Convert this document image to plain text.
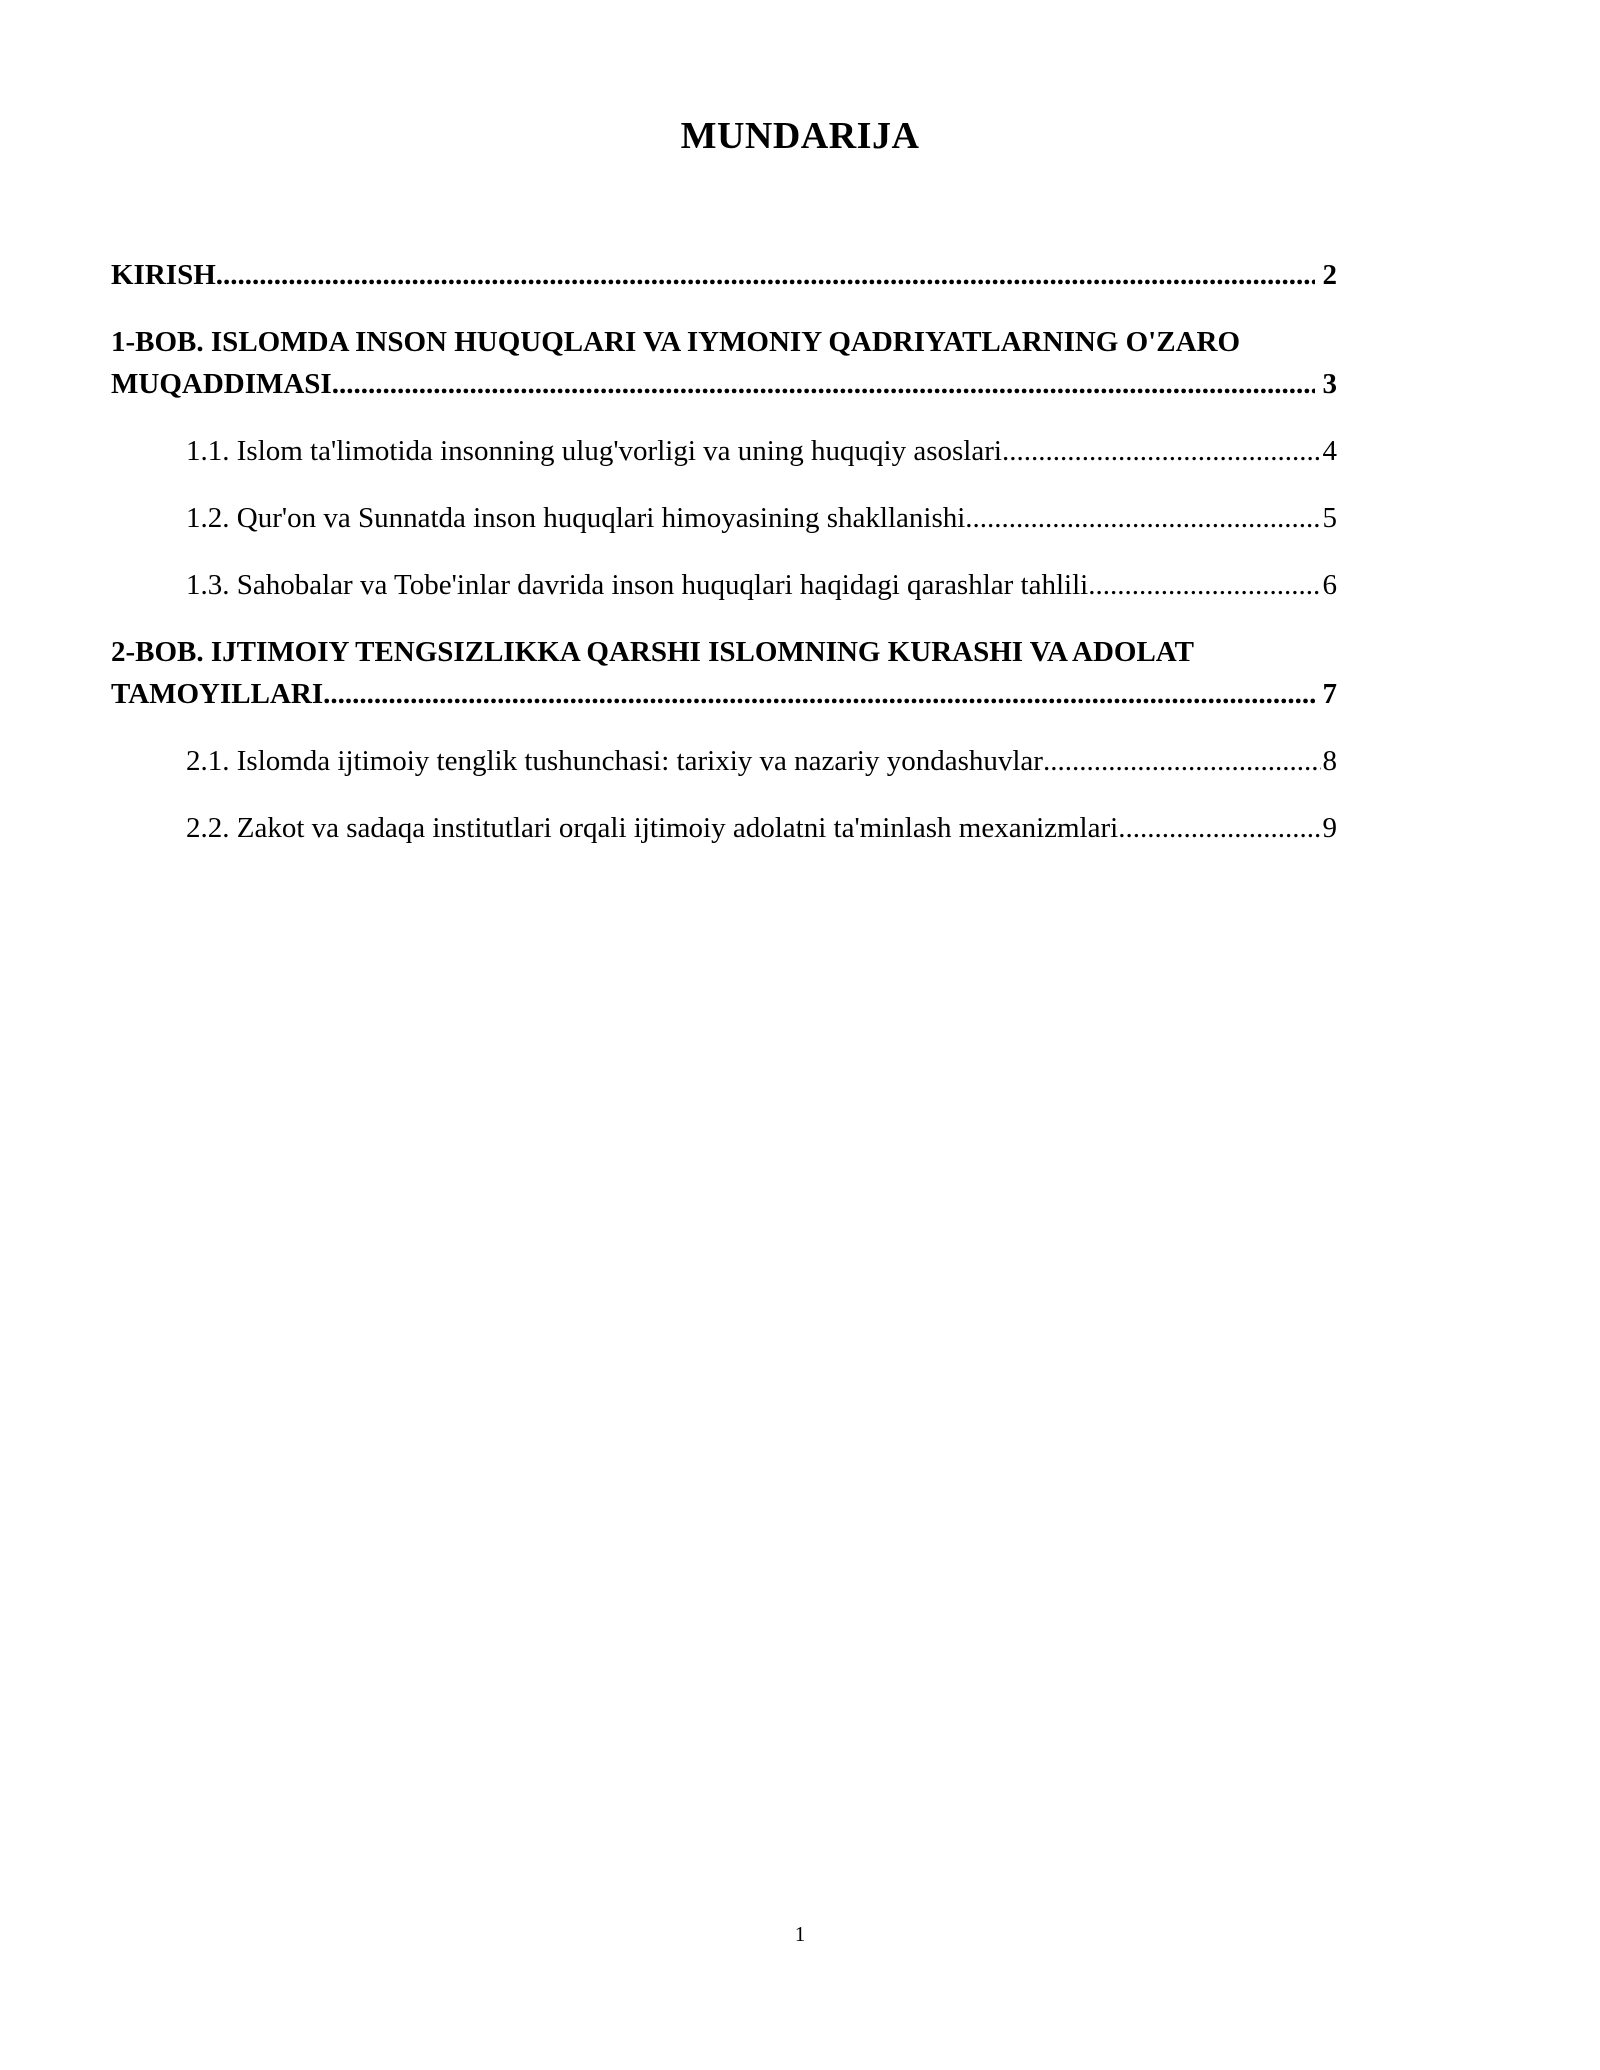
MUNDARIJA
KIRISH .....	2
1-BOB. ISLOMDA INSON HUQUQLARI VA IYMONIY QADRIYATLARNING O'ZARO
MUQADDIMASI .....	3
1.1. Islom ta'limotida insonning ulug'vorligi va uning huquqiy asoslari .....	4
1.2. Qur'on va Sunnatda inson huquqlari himoyasining shakllanishi .....	5
1.3. Sahobalar va Tobe'inlar davrida inson huquqlari haqidagi qarashlar tahlili .....	6
2-BOB. IJTIMOIY TENGSIZLIKKA QARSHI ISLOMNING KURASHI VA ADOLAT
TAMOYILLARI .....	7
2.1. Islomda ijtimoiy tenglik tushunchasi: tarixiy va nazariy yondashuvlar .....	8
2.2. Zakot va sadaqa institutlari orqali ijtimoiy adolatni ta'minlash mexanizmlari .....	9
1
